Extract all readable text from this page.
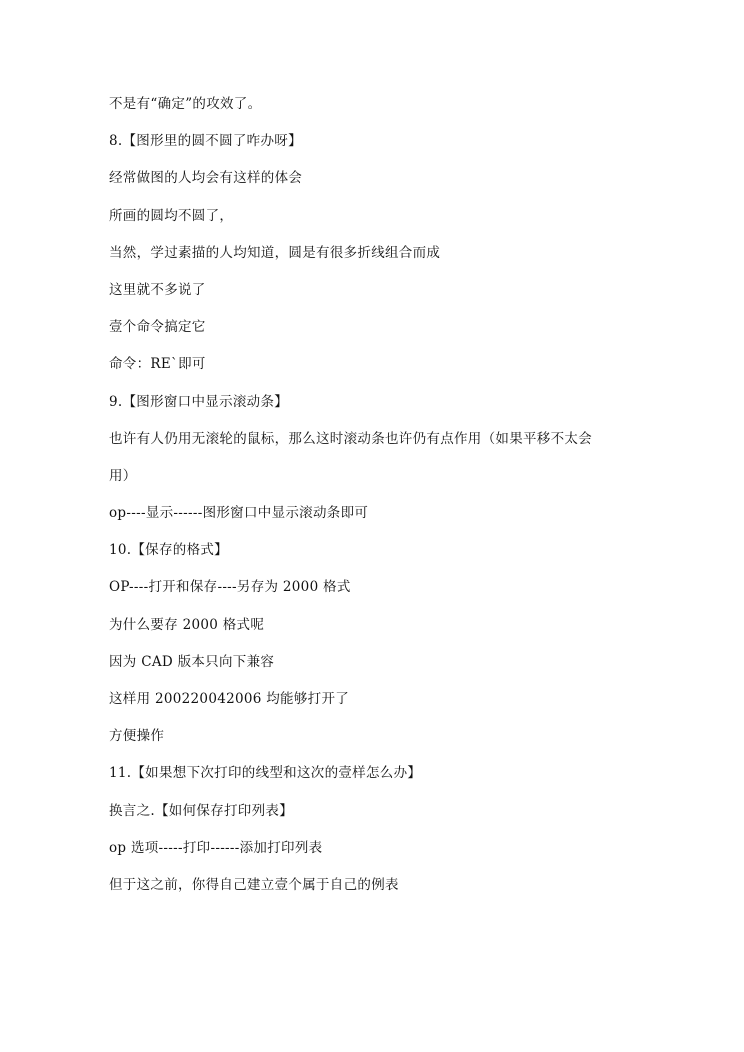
不是有“确定”的攻效了。
8.【图形里的圆不圆了咋办呀】
经常做图的人均会有这样的体会
所画的圆均不圆了，
当然，学过素描的人均知道，圆是有很多折线组合而成
这里就不多说了
壹个命令搞定它
命令：RE`即可
9.【图形窗口中显示滚动条】
也许有人仍用无滚轮的鼠标，那么这时滚动条也许仍有点作用（如果平移不太会
用）
op----显示------图形窗口中显示滚动条即可
10.【保存的格式】
OP----打开和保存----另存为 2000 格式
为什么要存 2000 格式呢
因为 CAD 版本只向下兼容
这样用 200220042006 均能够打开了
方便操作
11.【如果想下次打印的线型和这次的壹样怎么办】
换言之.【如何保存打印列表】
op 选项-----打印------添加打印列表
但于这之前，你得自己建立壹个属于自己的例表
